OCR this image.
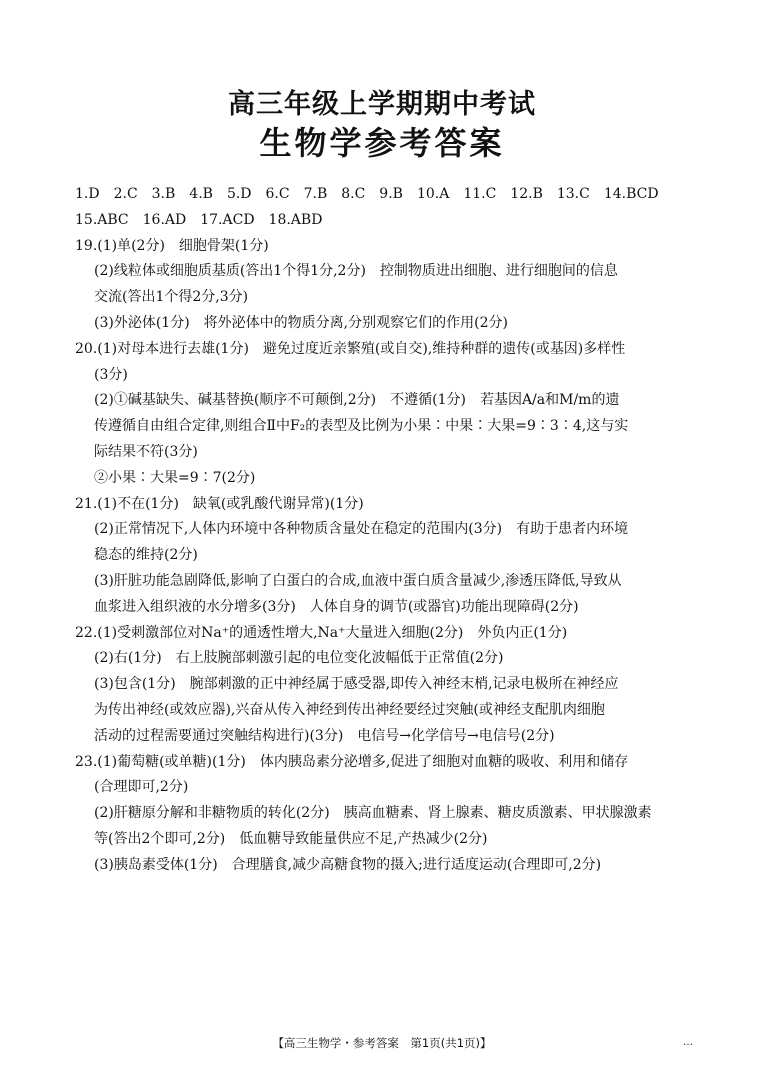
高三年级上学期期中考试
生物学参考答案
1.D　2.C　3.B　4.B　5.D　6.C　7.B　8.C　9.B　10.A　11.C　12.B　13.C　14.BCD
15.ABC　16.AD　17.ACD　18.ABD
19.(1)单(2分)　细胞骨架(1分)
(2)线粒体或细胞质基质(答出1个得1分,2分)　控制物质进出细胞、进行细胞间的信息
交流(答出1个得2分,3分)
(3)外泌体(1分)　将外泌体中的物质分离,分别观察它们的作用(2分)
20.(1)对母本进行去雄(1分)　避免过度近亲繁殖(或自交),维持种群的遗传(或基因)多样性
(3分)
(2)①碱基缺失、碱基替换(顺序不可颠倒,2分)　不遵循(1分)　若基因A/a和M/m的遗
传遵循自由组合定律,则组合Ⅱ中F₂的表型及比例为小果∶中果∶大果=9∶3∶4,这与实
际结果不符(3分)
②小果∶大果=9∶7(2分)
21.(1)不在(1分)　缺氧(或乳酸代谢异常)(1分)
(2)正常情况下,人体内环境中各种物质含量处在稳定的范围内(3分)　有助于患者内环境
稳态的维持(2分)
(3)肝脏功能急剧降低,影响了白蛋白的合成,血液中蛋白质含量减少,渗透压降低,导致从
血浆进入组织液的水分增多(3分)　人体自身的调节(或器官)功能出现障碍(2分)
22.(1)受刺激部位对Na⁺的通透性增大,Na⁺大量进入细胞(2分)　外负内正(1分)
(2)右(1分)　右上肢腕部刺激引起的电位变化波幅低于正常值(2分)
(3)包含(1分)　腕部刺激的正中神经属于感受器,即传入神经末梢,记录电极所在神经应
为传出神经(或效应器),兴奋从传入神经到传出神经要经过突触(或神经支配肌肉细胞
活动的过程需要通过突触结构进行)(3分)　电信号→化学信号→电信号(2分)
23.(1)葡萄糖(或单糖)(1分)　体内胰岛素分泌增多,促进了细胞对血糖的吸收、利用和储存
(合理即可,2分)
(2)肝糖原分解和非糖物质的转化(2分)　胰高血糖素、肾上腺素、糖皮质激素、甲状腺激素
等(答出2个即可,2分)　低血糖导致能量供应不足,产热减少(2分)
(3)胰岛素受体(1分)　合理膳食,减少高糖食物的摄入;进行适度运动(合理即可,2分)
【高三生物学・参考答案　第1页(共1页)】	…
